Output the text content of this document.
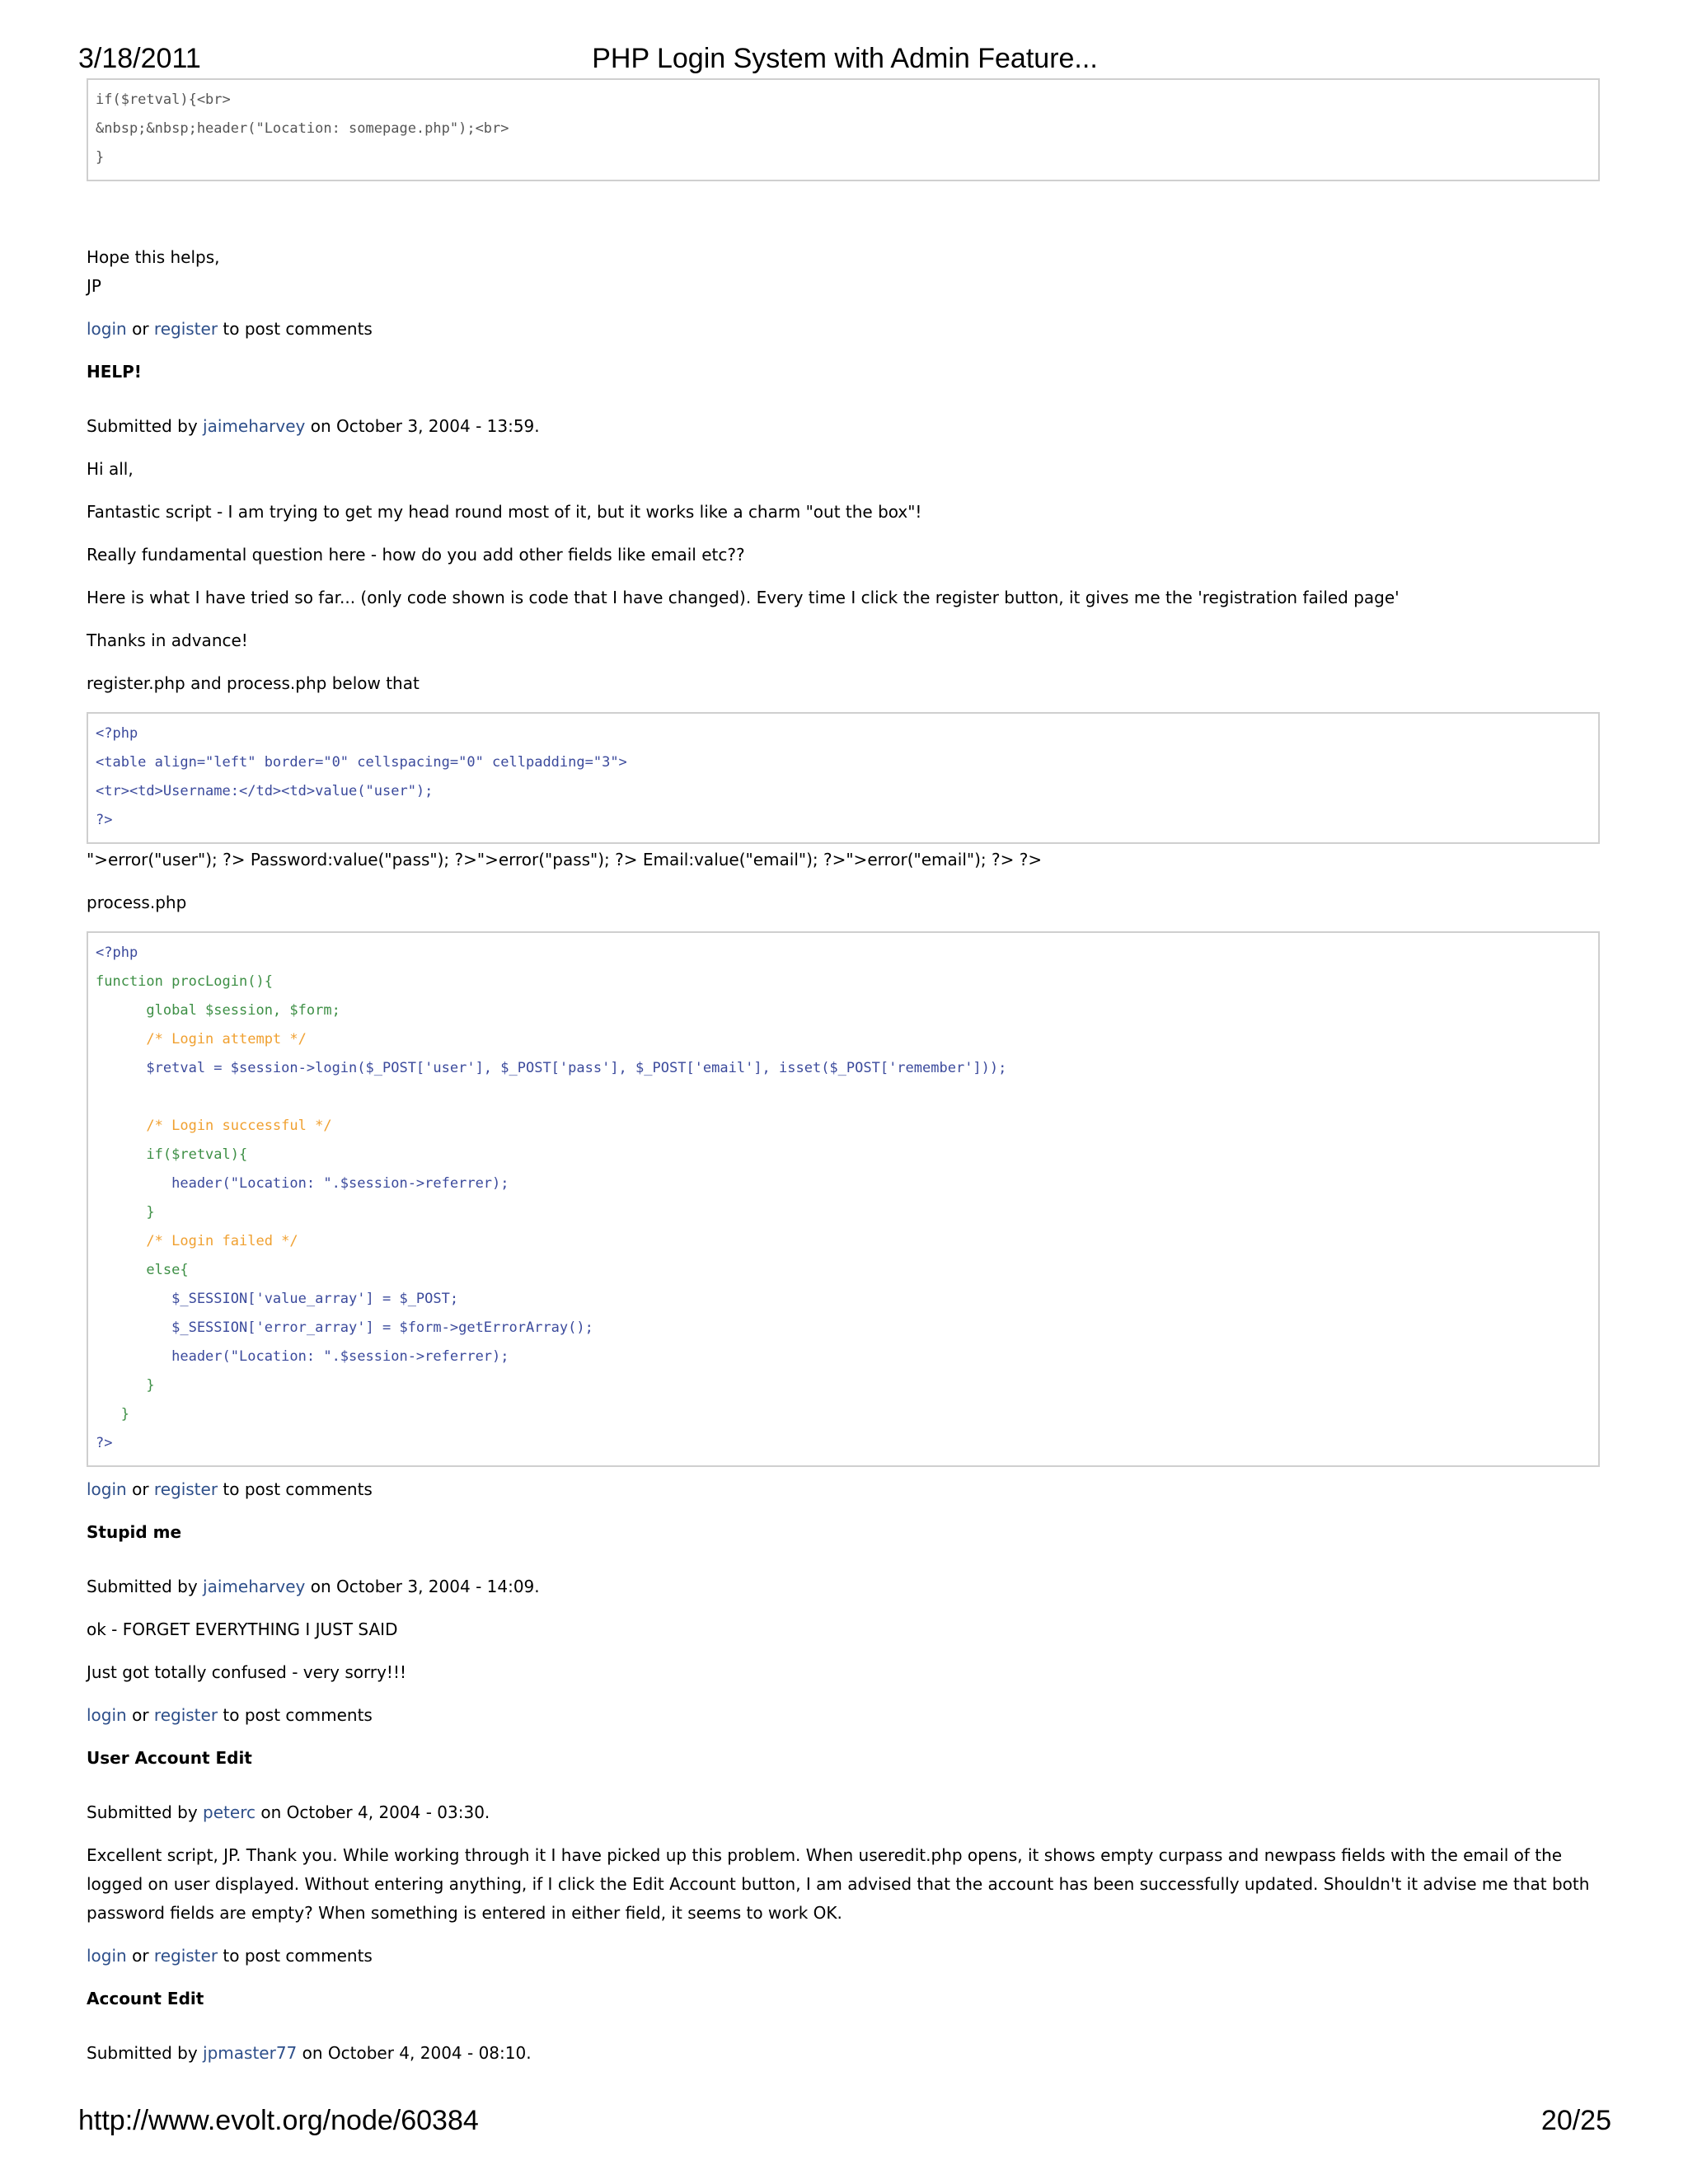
3/18/2011	PHP Login System with Admin Feature...
if($retval){<br>
&nbsp;&nbsp;header("Location: somepage.php");<br>
}

Hope this helps,
JP

login or register to post comments

HELP!

Submitted by jaimeharvey on October 3, 2004 - 13:59.

Hi all,

Fantastic script - I am trying to get my head round most of it, but it works like a charm "out the box"!

Really fundamental question here - how do you add other fields like email etc??

Here is what I have tried so far... (only code shown is code that I have changed). Every time I click the register button, it gives me the 'registration failed page'

Thanks in advance!

register.php and process.php below that

<?php
<table align="left" border="0" cellspacing="0" cellpadding="3">
<tr><td>Username:</td><td>value("user");
?>

">error("user"); ?> Password:value("pass"); ?>">error("pass"); ?> Email:value("email"); ?>">error("email"); ?> ?>

process.php

<?php
function procLogin(){
global $session, $form;
/* Login attempt */
$retval = $session->login($_POST['user'], $_POST['pass'], $_POST['email'], isset($_POST['remember']));

/* Login successful */
if($retval){
header("Location: ".$session->referrer);
}
/* Login failed */
else{
$_SESSION['value_array'] = $_POST;
$_SESSION['error_array'] = $form->getErrorArray();
header("Location: ".$session->referrer);
}
}
?>

login or register to post comments

Stupid me

Submitted by jaimeharvey on October 3, 2004 - 14:09.

ok - FORGET EVERYTHING I JUST SAID

Just got totally confused - very sorry!!!

login or register to post comments

User Account Edit

Submitted by peterc on October 4, 2004 - 03:30.

Excellent script, JP. Thank you. While working through it I have picked up this problem. When useredit.php opens, it shows empty curpass and newpass fields with the email of the logged on user displayed. Without entering anything, if I click the Edit Account button, I am advised that the account has been successfully updated. Shouldn't it advise me that both password fields are empty? When something is entered in either field, it seems to work OK.

login or register to post comments

Account Edit

Submitted by jpmaster77 on October 4, 2004 - 08:10.

http://www.evolt.org/node/60384	20/25
